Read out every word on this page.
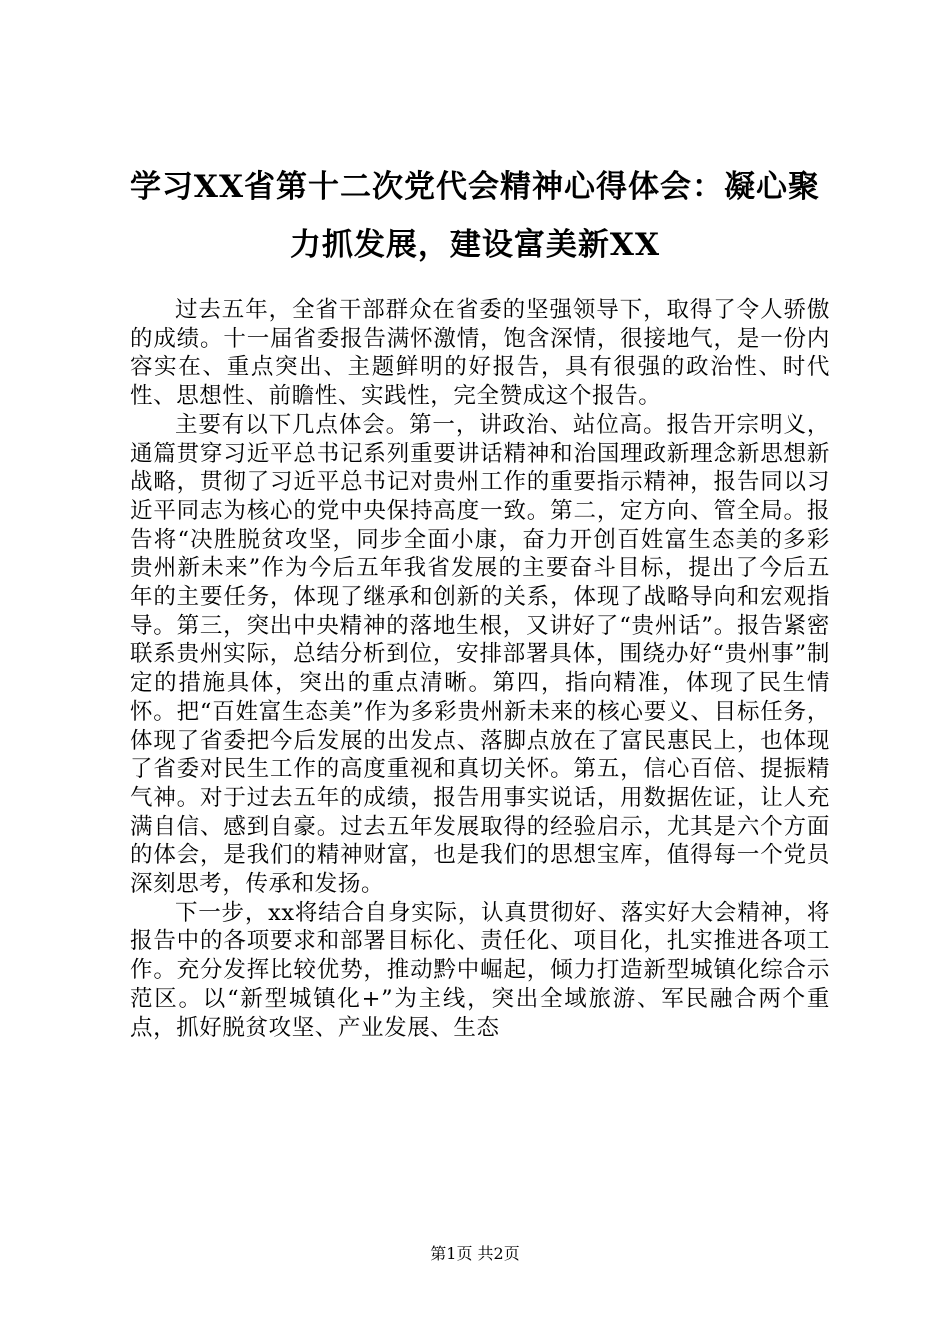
学习XX省第十二次党代会精神心得体会：凝心聚力抓发展，建设富美新XX

过去五年，全省干部群众在省委的坚强领导下，取得了令人骄傲的成绩。十一届省委报告满怀激情，饱含深情，很接地气，是一份内容实在、重点突出、主题鲜明的好报告，具有很强的政治性、时代性、思想性、前瞻性、实践性，完全赞成这个报告。

主要有以下几点体会。第一，讲政治、站位高。报告开宗明义，通篇贯穿习近平总书记系列重要讲话精神和治国理政新理念新思想新战略，贯彻了习近平总书记对贵州工作的重要指示精神，报告同以习近平同志为核心的党中央保持高度一致。第二，定方向、管全局。报告将“决胜脱贫攻坚，同步全面小康，奋力开创百姓富生态美的多彩贵州新未来”作为今后五年我省发展的主要奋斗目标，提出了今后五年的主要任务，体现了继承和创新的关系，体现了战略导向和宏观指导。第三，突出中央精神的落地生根，又讲好了“贵州话”。报告紧密联系贵州实际，总结分析到位，安排部署具体，围绕办好“贵州事”制定的措施具体，突出的重点清晰。第四，指向精准，体现了民生情怀。把“百姓富生态美”作为多彩贵州新未来的核心要义、目标任务，体现了省委把今后发展的出发点、落脚点放在了富民惠民上，也体现了省委对民生工作的高度重视和真切关怀。第五，信心百倍、提振精气神。对于过去五年的成绩，报告用事实说话，用数据佐证，让人充满自信、感到自豪。过去五年发展取得的经验启示，尤其是六个方面的体会，是我们的精神财富，也是我们的思想宝库，值得每一个党员深刻思考，传承和发扬。

下一步，xx将结合自身实际，认真贯彻好、落实好大会精神，将报告中的各项要求和部署目标化、责任化、项目化，扎实推进各项工作。充分发挥比较优势，推动黔中崛起，倾力打造新型城镇化综合示范区。以“新型城镇化+”为主线，突出全域旅游、军民融合两个重点，抓好脱贫攻坚、产业发展、生态

第1页 共2页
